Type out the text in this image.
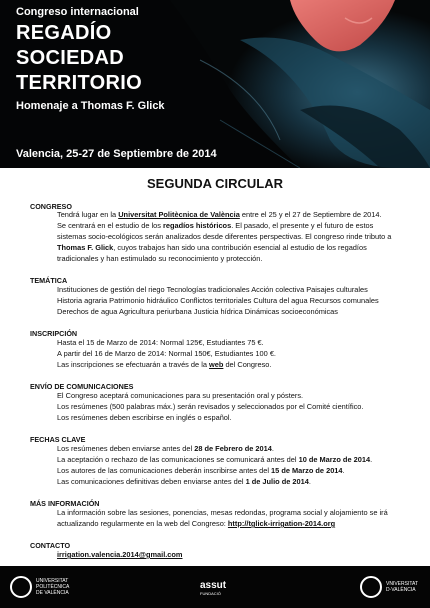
Congreso internacional
REGADÍO
SOCIEDAD
TERRITORIO
Homenaje a Thomas F. Glick
Valencia, 25-27 de Septiembre de 2014
SEGUNDA CIRCULAR
CONGRESO
Tendrá lugar en la Universitat Politècnica de València entre el 25 y el 27 de Septiembre de 2014.
Se centrará en el estudio de los regadíos históricos. El pasado, el presente y el futuro de estos
sistemas socio-ecológicos serán analizados desde diferentes perspectivas. El congreso rinde tributo a
Thomas F. Glick, cuyos trabajos han sido una contribución esencial al estudio de los regadíos
tradicionales y han estimulado su reconocimiento y protección.
TEMÁTICA
Instituciones de gestión del riego Tecnologías tradicionales Acción colectiva Paisajes culturales
Historia agraria Patrimonio hidráulico Conflictos territoriales Cultura del agua Recursos comunales
Derechos de agua Agricultura periurbana Justicia hídrica Dinámicas socioeconómicas
INSCRIPCIÓN
Hasta el 15 de Marzo de 2014: Normal 125€, Estudiantes 75 €.
A partir del 16 de Marzo de 2014: Normal 150€, Estudiantes 100 €.
Las inscripciones se efectuarán a través de la web del Congreso.
ENVÍO DE COMUNICACIONES
El Congreso aceptará comunicaciones para su presentación oral y pósters.
Los resúmenes (500 palabras máx.) serán revisados y seleccionados por el Comité científico.
Los resúmenes deben escribirse en inglés o español.
FECHAS CLAVE
Los resúmenes deben enviarse antes del 28 de Febrero de 2014.
La aceptación o rechazo de las comunicaciones se comunicará antes del 10 de Marzo de 2014.
Los autores de las comunicaciones deberán inscribirse antes del 15 de Marzo de 2014.
Las comunicaciones definitivas deben enviarse antes del 1 de Julio de 2014.
MÁS INFORMACIÓN
La información sobre las sesiones, ponencias, mesas redondas, programa social y alojamiento se irá
actualizando regularmente en la web del Congreso: http://tglick-irrigation-2014.org
CONTACTO
irrigation.valencia.2014@gmail.com
UNIVERSITAT
POLITÈCNICA
DE VALÈNCIA
assut
FUNDACIÓ
VNIVERSITAT
D·VALÈNCIA
